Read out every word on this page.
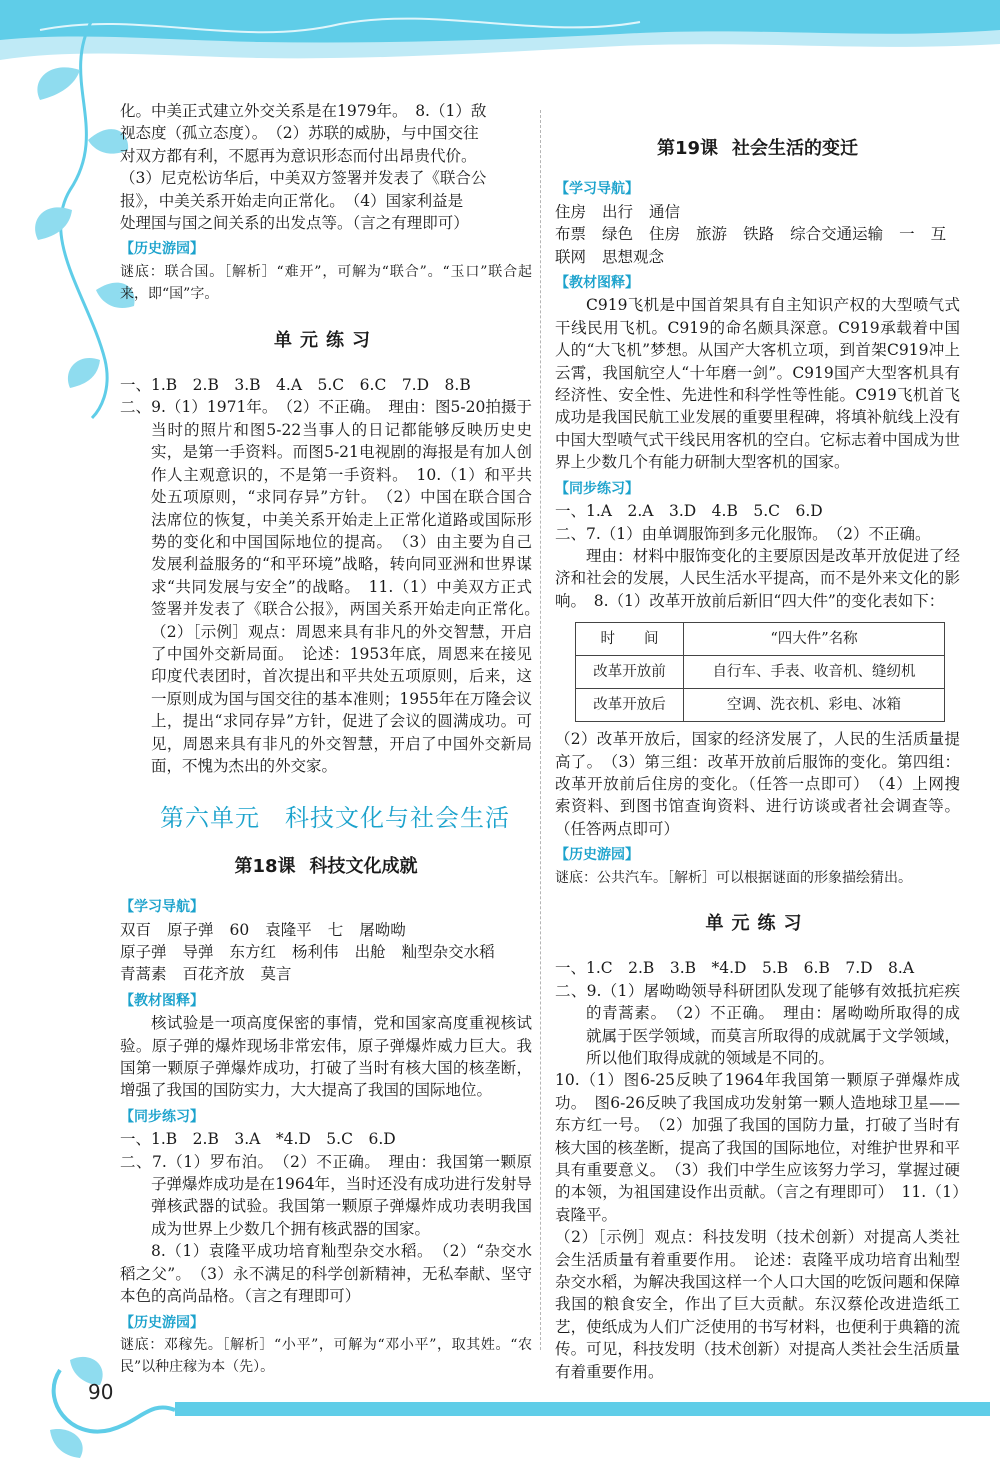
化。中美正式建立外交关系是在1979年。　8.（1）敌

视态度（孤立态度）。　（2）苏联的威胁，与中国交往

对双方都有利，不愿再为意识形态而付出昂贵代价。

（3）尼克松访华后，中美双方签署并发表了《联合公

报》，中美关系开始走向正常化。　（4）国家利益是

处理国与国之间关系的出发点等。（言之有理即可）

【历史游园】

谜底：联合国。［解析］“难开”，可解为“联合”。“玉口”联合起来，即“国”字。

单元练习

一、1.B　2.B　3.B　4.A　5.C　6.C　7.D　8.B

二、9.（1）1971年。　（2）不正确。　理由：图5-20拍摄于当时的照片和图5-22当事人的日记都能够反映历史史实，是第一手资料。而图5-21电视剧的海报是有加人创作人主观意识的，不是第一手资料。　10.（1）和平共处五项原则，“求同存异”方针。　（2）中国在联合国合法席位的恢复，中美关系开始走上正常化道路或国际形势的变化和中国国际地位的提高。　（3）由主要为自己发展利益服务的“和平环境”战略，转向同亚洲和世界谋求“共同发展与安全”的战略。　11.（1）中美双方正式签署并发表了《联合公报》，两国关系开始走向正常化。　（2）［示例］观点：周恩来具有非凡的外交智慧，开启了中国外交新局面。　论述：1953年底，周恩来在接见印度代表团时，首次提出和平共处五项原则，后来，这一原则成为国与国交往的基本准则；1955年在万隆会议上，提出“求同存异”方针，促进了会议的圆满成功。可见，周恩来具有非凡的外交智慧，开启了中国外交新局面，不愧为杰出的外交家。

第六单元　科技文化与社会生活
第18课 科技文化成就
【学习导航】

双百 原子弹 60 袁隆平 七 屠呦呦

原子弹 导弹 东方红 杨利伟 出舱 籼型杂交水稻

青蒿素 百花齐放 莫言

【教材图释】

核试验是一项高度保密的事情，党和国家高度重视核试验。原子弹的爆炸现场非常宏伟，原子弹爆炸威力巨大。我国第一颗原子弹爆炸成功，打破了当时有核大国的核垄断，增强了我国的国防实力，大大提高了我国的国际地位。

【同步练习】

一、1.B　2.B　3.A　*4.D　5.C　6.D

二、7.（1）罗布泊。　（2）不正确。　理由：我国第一颗原子弹爆炸成功是在1964年，当时还没有成功进行发射导弹核武器的试验。我国第一颗原子弹爆炸成功表明我国成为世界上少数几个拥有核武器的国家。

8.（1）袁隆平成功培育籼型杂交水稻。　（2）“杂交水稻之父”。　（3）永不满足的科学创新精神，无私奉献、坚守本色的高尚品格。（言之有理即可）

【历史游园】

谜底：邓稼先。［解析］“小平”，可解为“邓小平”，取其姓。“农民”以种庄稼为本（先）。

第19课 社会生活的变迁
【学习导航】

住房 出行 通信

布票 绿色 住房 旅游 铁路 综合交通运输 一 互

联网 思想观念

【教材图释】

C919飞机是中国首架具有自主知识产权的大型喷气式干线民用飞机。C919的命名颇具深意。C919承载着中国人的“大飞机”梦想。从国产大客机立项，到首架C919冲上云霄，我国航空人“十年磨一剑”。C919国产大型客机具有经济性、安全性、先进性和科学性等性能。C919飞机首飞成功是我国民航工业发展的重要里程碑，将填补航线上没有中国大型喷气式干线民用客机的空白。它标志着中国成为世界上少数几个有能力研制大型客机的国家。

【同步练习】

一、1.A　2.A　3.D　4.B　5.C　6.D

二、7.（1）由单调服饰到多元化服饰。　（2）不正确。

理由：材料中服饰变化的主要原因是改革开放促进了经济和社会的发展，人民生活水平提高，而不是外来文化的影响。　8.（1）改革开放前后新旧“四大件”的变化表如下：

时　　间	“四大件”名称
改革开放前	自行车、手表、收音机、缝纫机
改革开放后	空调、洗衣机、彩电、冰箱

（2）改革开放后，国家的经济发展了，人民的生活质量提高了。　（3）第三组：改革开放前后服饰的变化。第四组：改革开放前后住房的变化。（任答一点即可）　（4）上网搜索资料、到图书馆查询资料、进行访谈或者社会调查等。（任答两点即可）

【历史游园】

谜底：公共汽车。［解析］可以根据谜面的形象描绘猜出。

单元练习

一、1.C　2.B　3.B　*4.D　5.B　6.B　7.D　8.A

二、9.（1）屠呦呦领导科研团队发现了能够有效抵抗疟疾的青蒿素。　（2）不正确。　理由：屠呦呦所取得的成就属于医学领域，而莫言所取得的成就属于文学领域，所以他们取得成就的领域是不同的。

10.（1）图6-25反映了1964年我国第一颗原子弹爆炸成功。　图6-26反映了我国成功发射第一颗人造地球卫星——东方红一号。　（2）加强了我国的国防力量，打破了当时有核大国的核垄断，提高了我国的国际地位，对维护世界和平具有重要意义。　（3）我们中学生应该努力学习，掌握过硬的本领，为祖国建设作出贡献。（言之有理即可）　11.（1）袁隆平。

（2）［示例］观点：科技发明（技术创新）对提高人类社会生活质量有着重要作用。　论述：袁隆平成功培育出籼型杂交水稻，为解决我国这样一个人口大国的吃饭问题和保障我国的粮食安全，作出了巨大贡献。东汉蔡伦改进造纸工艺，使纸成为人们广泛使用的书写材料，也便利于典籍的流传。可见，科技发明（技术创新）对提高人类社会生活质量有着重要作用。

90
